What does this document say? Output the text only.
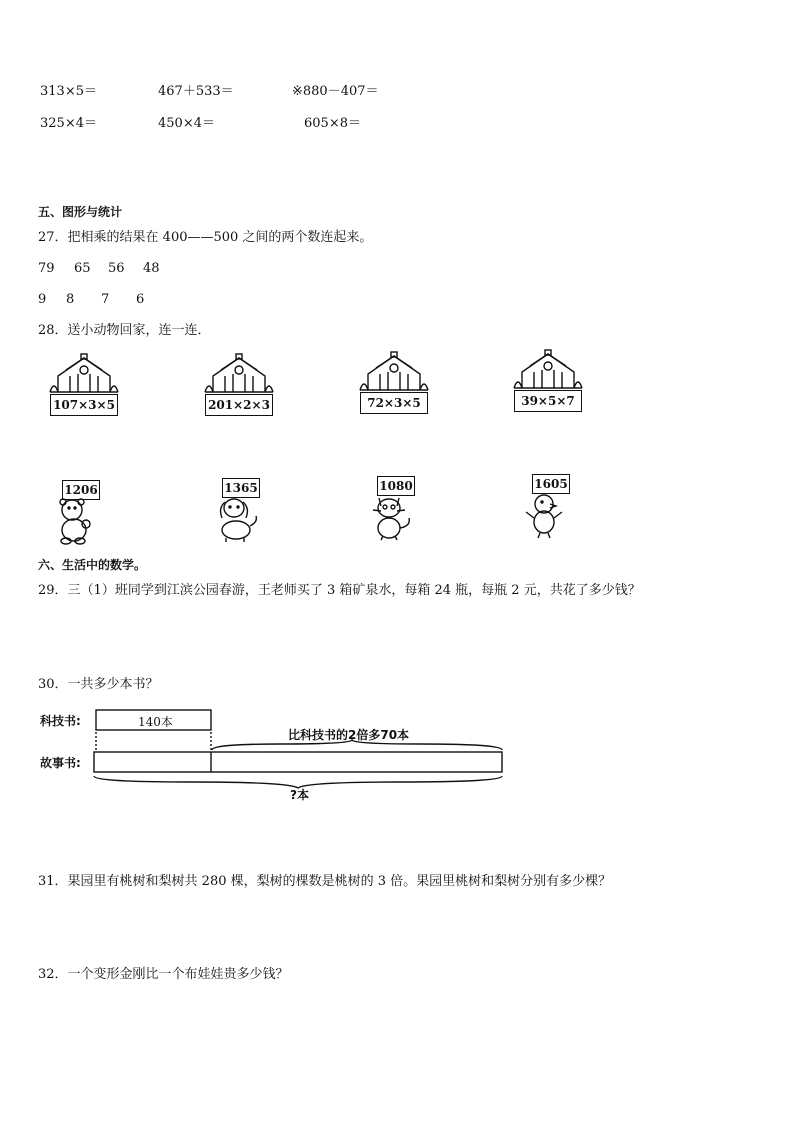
313×5＝	467＋533＝	※880－407＝
325×4＝	450×4＝	605×8＝
五、图形与统计
27．把相乘的结果在 400——500 之间的两个数连起来。
79 65 56 48
9 8 7 6
28．送小动物回家，连一连．
107×3×5	201×2×3	72×3×5	39×5×7
1206	1365	1080	1605
六、生活中的数学。
29．三（1）班同学到江滨公园春游，王老师买了 3 箱矿泉水，每箱 24 瓶，每瓶 2 元，共花了多少钱？
30．一共多少本书？
科技书:
故事书:
140本
比科技书的2倍多70本
?本
31．果园里有桃树和梨树共 280 棵，梨树的棵数是桃树的 3 倍。果园里桃树和梨树分别有多少棵？
32．一个变形金刚比一个布娃娃贵多少钱？
